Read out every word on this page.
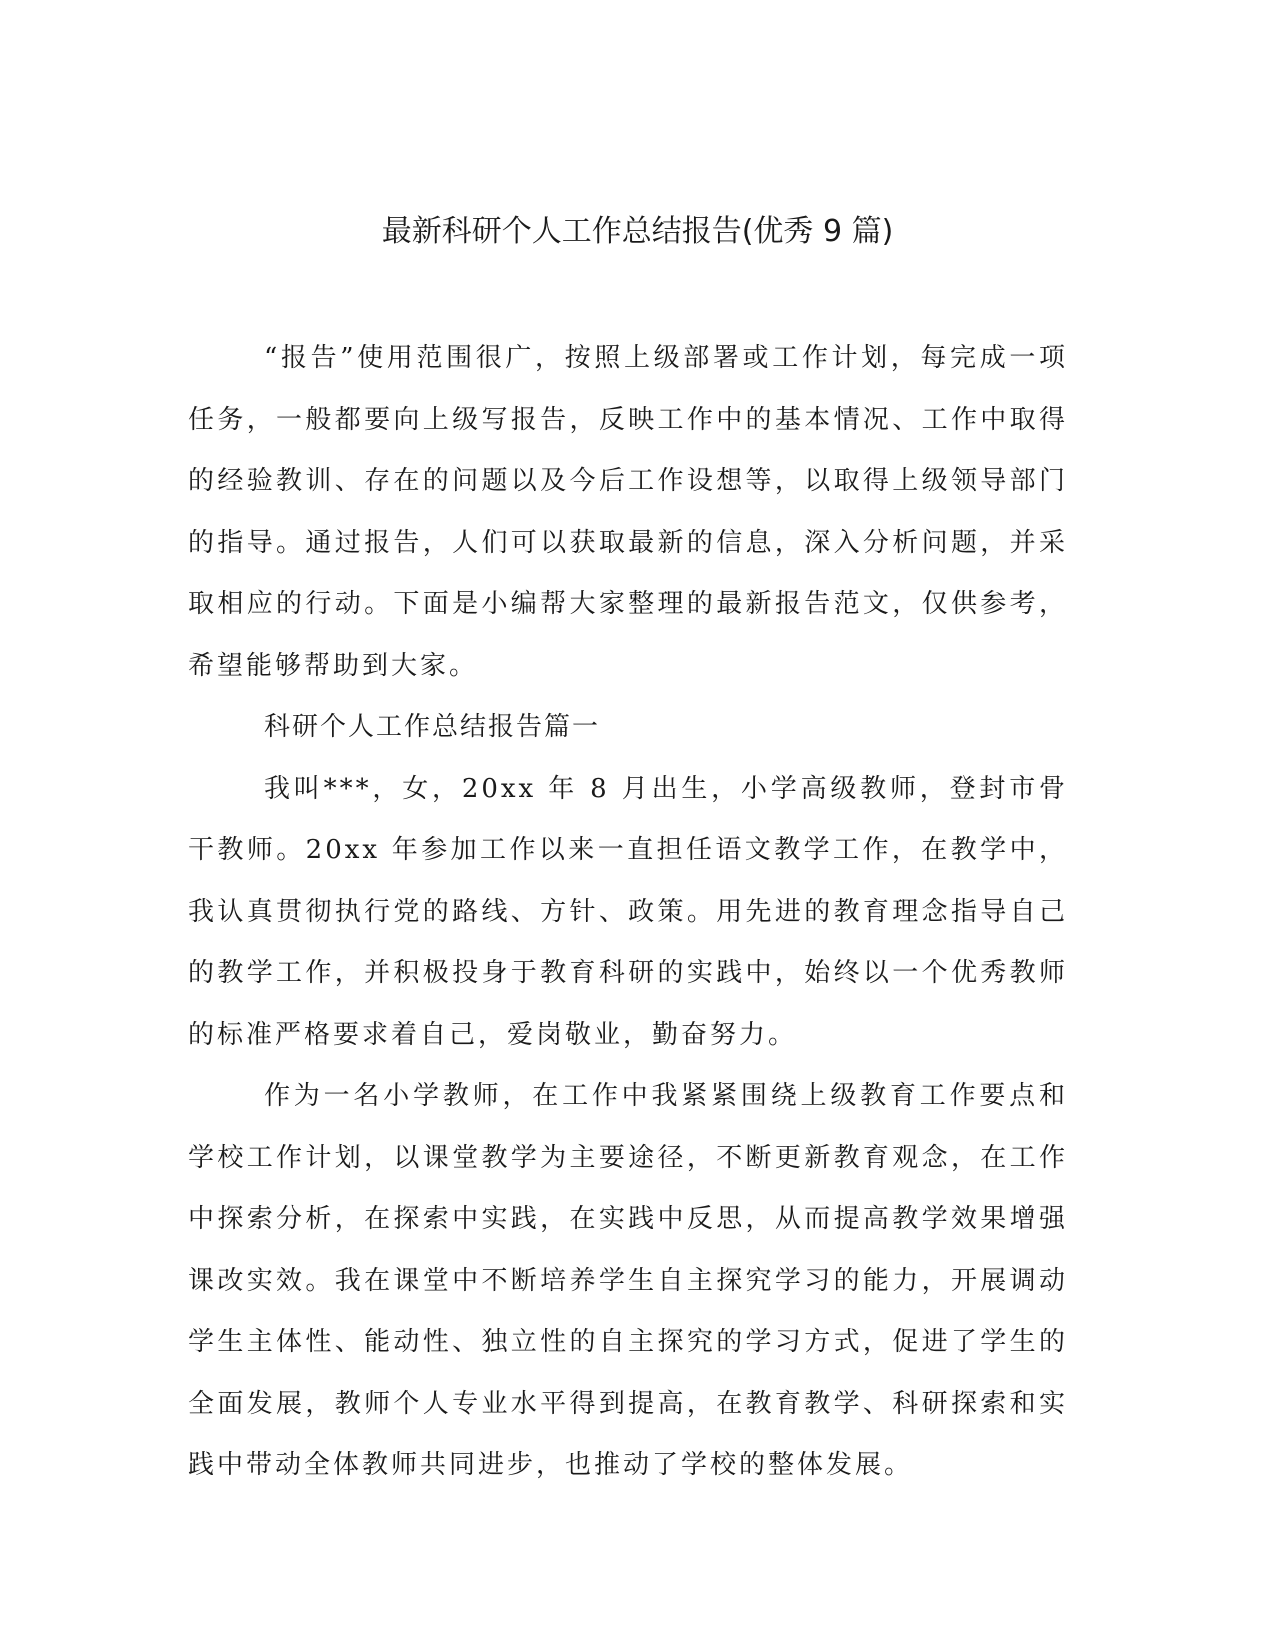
最新科研个人工作总结报告(优秀 9 篇)

“报告”使用范围很广，按照上级部署或工作计划，每完成一项任务，一般都要向上级写报告，反映工作中的基本情况、工作中取得的经验教训、存在的问题以及今后工作设想等，以取得上级领导部门的指导。通过报告，人们可以获取最新的信息，深入分析问题，并采取相应的行动。下面是小编帮大家整理的最新报告范文，仅供参考，希望能够帮助到大家。

科研个人工作总结报告篇一

我叫***，女，20xx 年 8 月出生，小学高级教师，登封市骨干教师。20xx 年参加工作以来一直担任语文教学工作，在教学中，我认真贯彻执行党的路线、方针、政策。用先进的教育理念指导自己的教学工作，并积极投身于教育科研的实践中，始终以一个优秀教师的标准严格要求着自己，爱岗敬业，勤奋努力。

作为一名小学教师，在工作中我紧紧围绕上级教育工作要点和学校工作计划，以课堂教学为主要途径，不断更新教育观念，在工作中探索分析，在探索中实践，在实践中反思，从而提高教学效果增强课改实效。我在课堂中不断培养学生自主探究学习的能力，开展调动学生主体性、能动性、独立性的自主探究的学习方式，促进了学生的全面发展，教师个人专业水平得到提高，在教育教学、科研探索和实践中带动全体教师共同进步，也推动了学校的整体发展。
